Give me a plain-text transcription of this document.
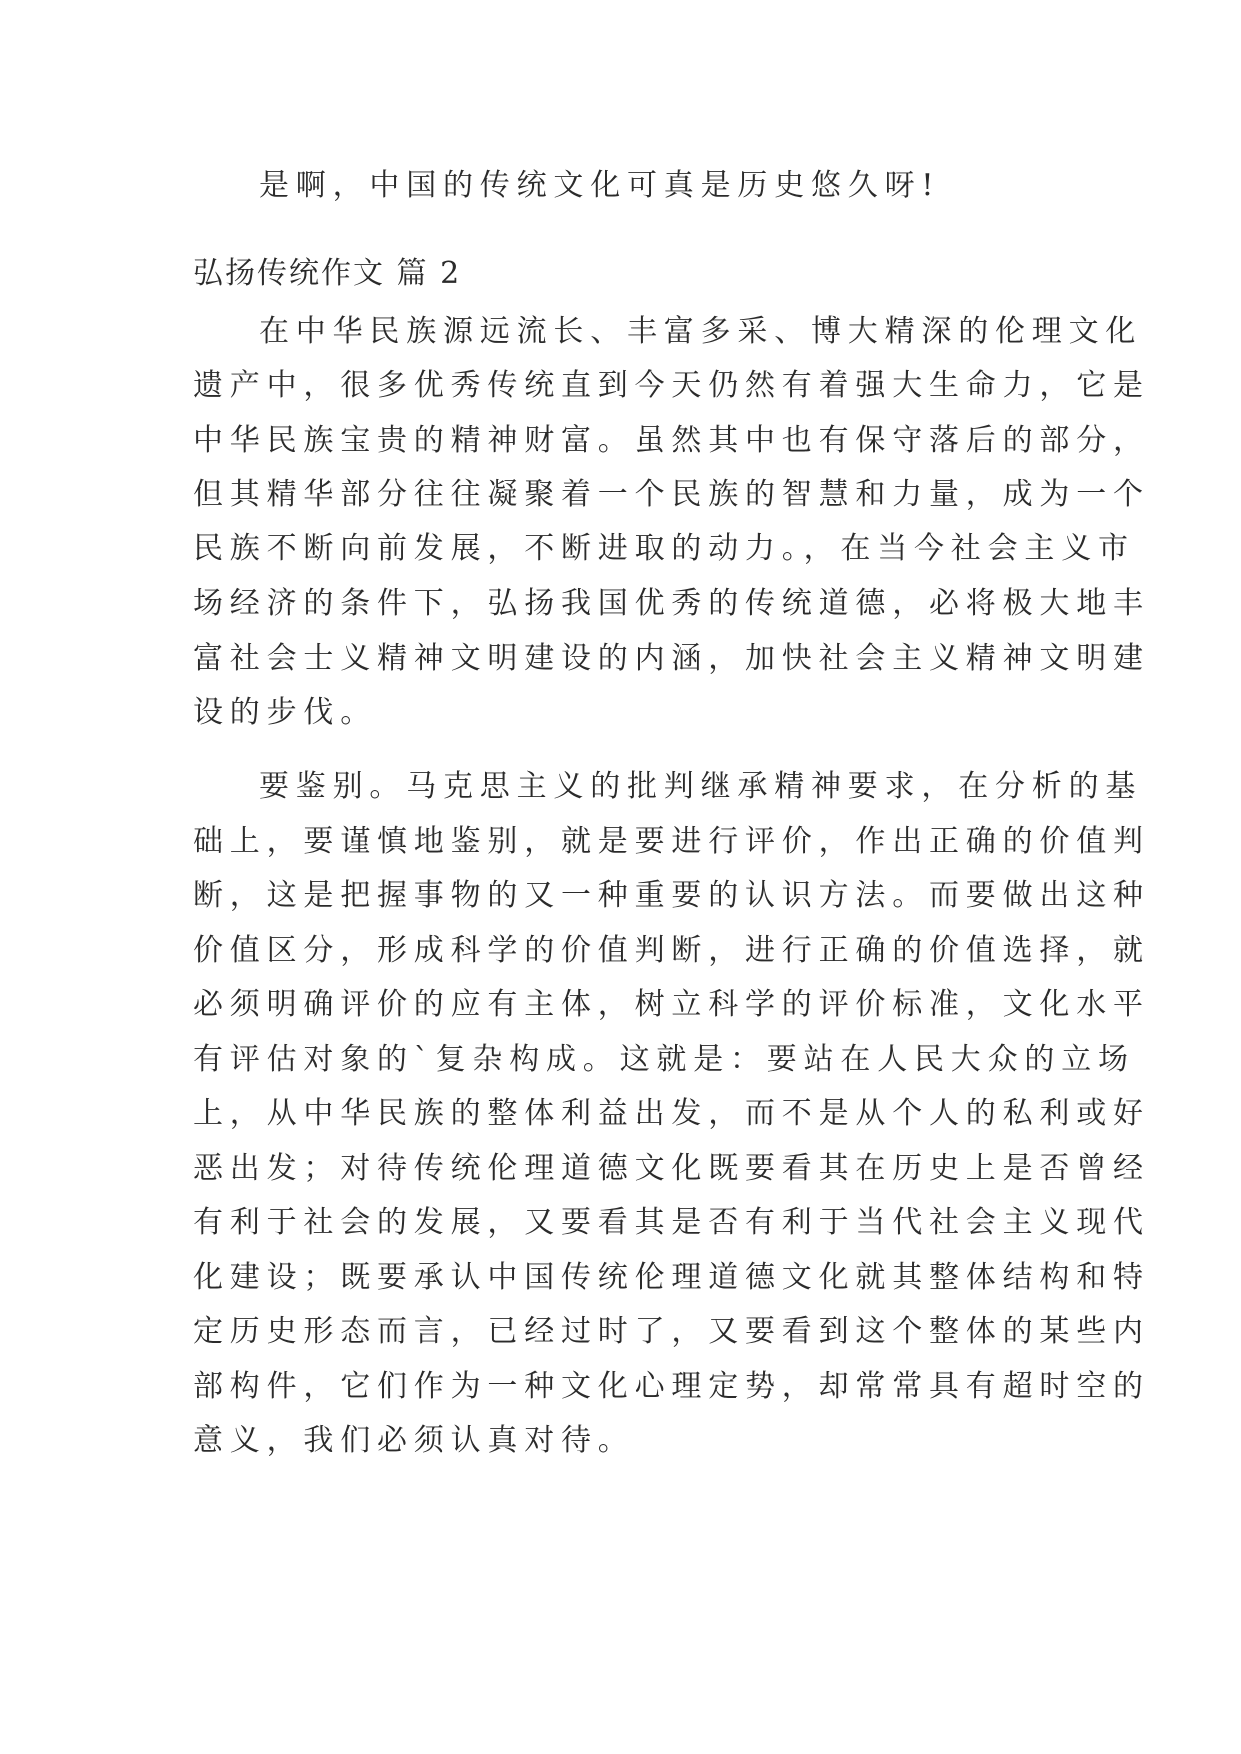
是啊，中国的传统文化可真是历史悠久呀!
弘扬传统作文 篇 2
在中华民族源远流长、丰富多采、博大精深的伦理文化
遗产中，很多优秀传统直到今天仍然有着强大生命力，它是
中华民族宝贵的精神财富。虽然其中也有保守落后的部分，
但其精华部分往往凝聚着一个民族的智慧和力量，成为一个
民族不断向前发展，不断进取的动力。，在当今社会主义市
场经济的条件下，弘扬我国优秀的传统道德，必将极大地丰
富社会士义精神文明建设的内涵，加快社会主义精神文明建
设的步伐。
要鉴别。马克思主义的批判继承精神要求，在分析的基
础上，要谨慎地鉴别，就是要进行评价，作出正确的价值判
断，这是把握事物的又一种重要的认识方法。而要做出这种
价值区分，形成科学的价值判断，进行正确的价值选择，就
必须明确评价的应有主体，树立科学的评价标准，文化水平
有评估对象的`复杂构成。这就是：要站在人民大众的立场
上，从中华民族的整体利益出发，而不是从个人的私利或好
恶出发；对待传统伦理道德文化既要看其在历史上是否曾经
有利于社会的发展，又要看其是否有利于当代社会主义现代
化建设；既要承认中国传统伦理道德文化就其整体结构和特
定历史形态而言，已经过时了，又要看到这个整体的某些内
部构件，它们作为一种文化心理定势，却常常具有超时空的
意义，我们必须认真对待。
